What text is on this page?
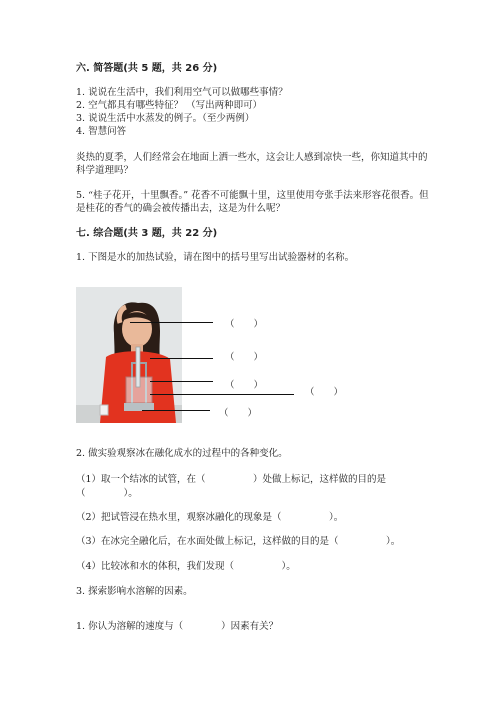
六. 简答题(共 5 题，共 26 分)
1. 说说在生活中，我们利用空气可以做哪些事情？
2. 空气都具有哪些特征？ （写出两种即可）
3. 说说生活中水蒸发的例子。（至少两例）
4. 智慧问答
炎热的夏季，人们经常会在地面上洒一些水，这会让人感到凉快一些，你知道其中的科学道理吗？
5. “桂子花开，十里飘香。” 花香不可能飘十里，这里使用夸张手法来形容花很香。但是桂花的香气的确会被传播出去，这是为什么呢？
七. 综合题(共 3 题，共 22 分)
1. 下图是水的加热试验，请在图中的括号里写出试验器材的名称。
（　　）
（　　）
（　　）
（　　）
（　　）
2. 做实验观察冰在融化成水的过程中的各种变化。
（1）取一个结冰的试管，在（　　　　　）处做上标记，这样做的目的是
（　　　　）。
（2）把试管浸在热水里，观察冰融化的现象是（　　　　　）。
（3）在冰完全融化后，在水面处做上标记，这样做的目的是（　　　　　）。
（4）比较冰和水的体积，我们发现（　　　　　）。
3. 探索影响水溶解的因素。
1. 你认为溶解的速度与（　　　　）因素有关？
